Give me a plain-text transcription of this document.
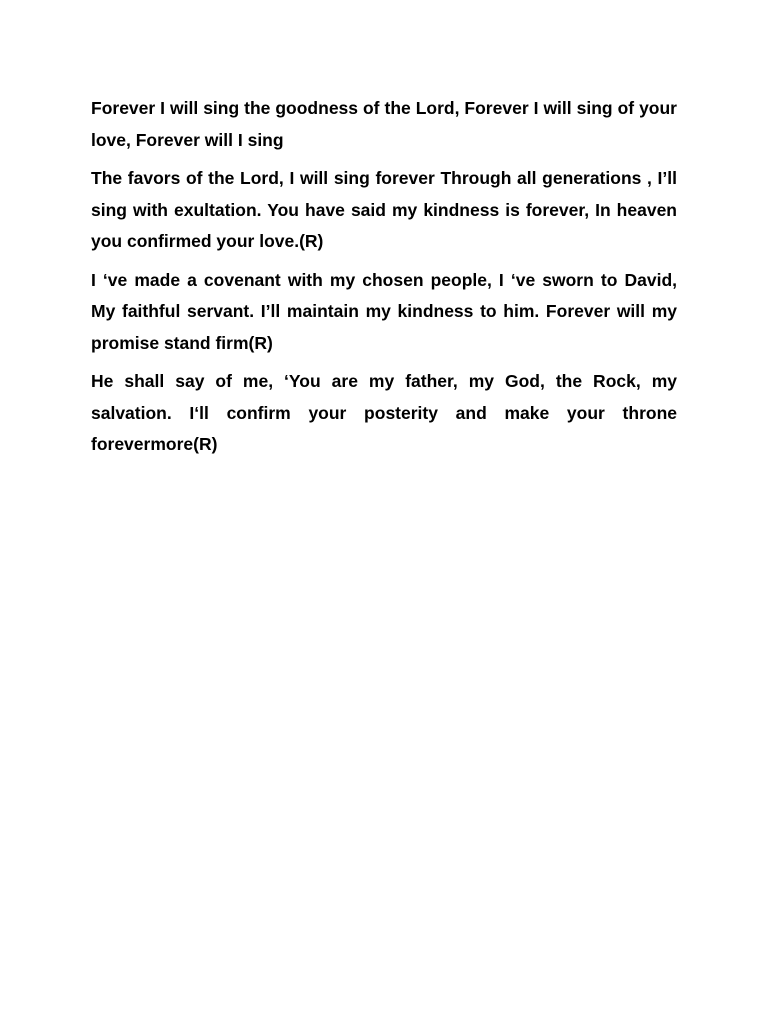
Forever I will sing the goodness of the Lord, Forever I will sing of your love, Forever will I sing

The favors of the Lord, I will sing forever Through all generations , I’ll sing with exultation. You have said my kindness is forever, In heaven you confirmed your love.(R)

I ‘ve made a covenant with my chosen people, I ‘ve sworn to David, My faithful servant. I’ll maintain my kindness to him. Forever will my promise stand firm(R)

He shall say of me, ‘You are my father, my God, the Rock, my salvation. I‘ll confirm your posterity and make your throne forevermore(R)
